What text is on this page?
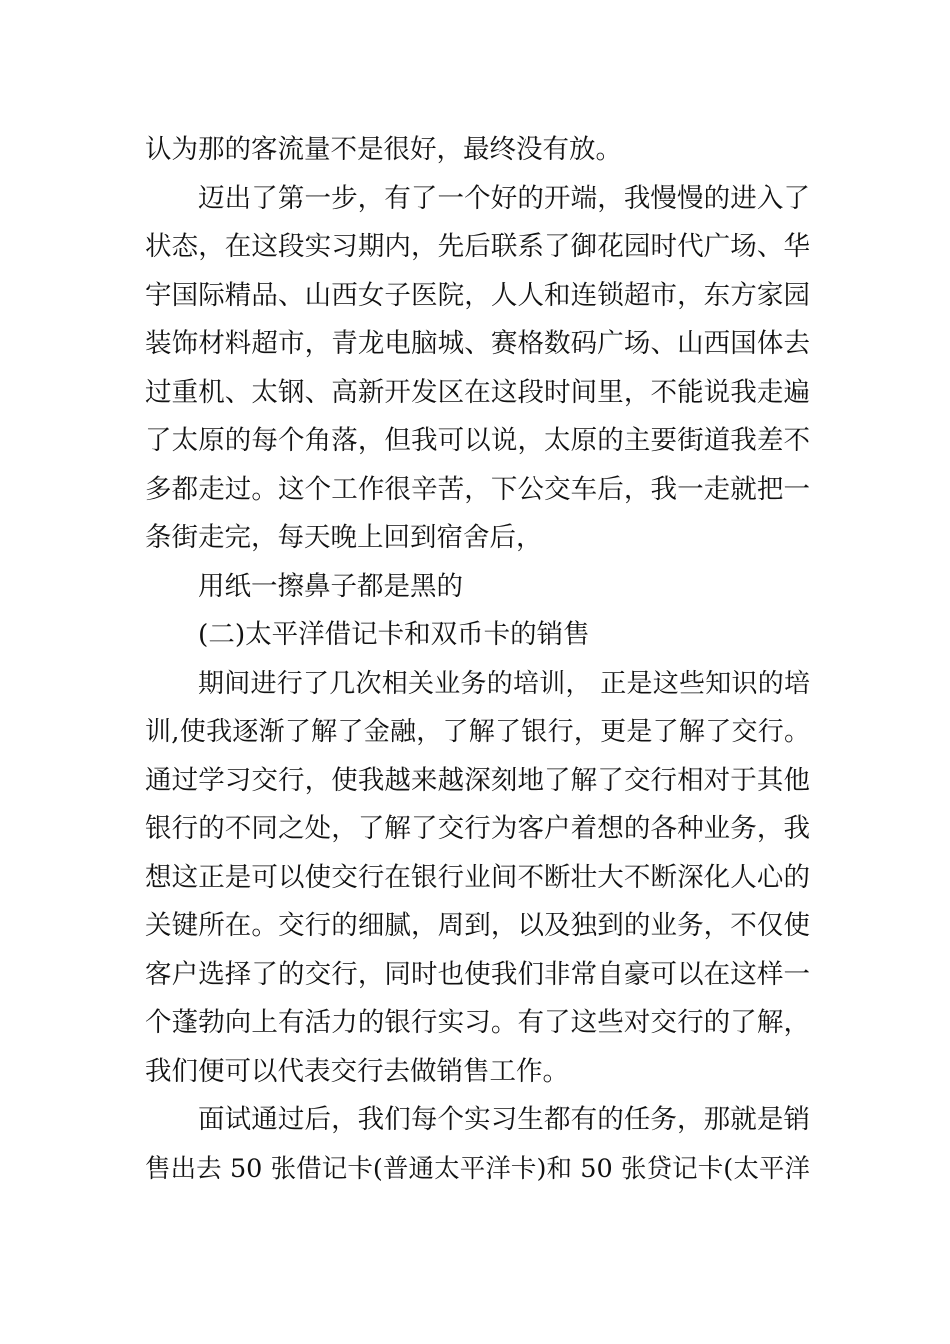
认为那的客流量不是很好，最终没有放。
迈出了第一步，有了一个好的开端，我慢慢的进入了
状态，在这段实习期内，先后联系了御花园时代广场、华
宇国际精品、山西女子医院，人人和连锁超市，东方家园
装饰材料超市，青龙电脑城、赛格数码广场、山西国体去
过重机、太钢、高新开发区在这段时间里，不能说我走遍
了太原的每个角落，但我可以说，太原的主要街道我差不
多都走过。这个工作很辛苦，下公交车后，我一走就把一
条街走完，每天晚上回到宿舍后，
用纸一擦鼻子都是黑的
(二)太平洋借记卡和双币卡的销售
期间进行了几次相关业务的培训， 正是这些知识的培
训,使我逐渐了解了金融，了解了银行，更是了解了交行。
通过学习交行，使我越来越深刻地了解了交行相对于其他
银行的不同之处，了解了交行为客户着想的各种业务，我
想这正是可以使交行在银行业间不断壮大不断深化人心的
关键所在。交行的细腻，周到，以及独到的业务，不仅使
客户选择了的交行，同时也使我们非常自豪可以在这样一
个蓬勃向上有活力的银行实习。有了这些对交行的了解，
我们便可以代表交行去做销售工作。
面试通过后，我们每个实习生都有的任务，那就是销
售出去 50 张借记卡(普通太平洋卡)和 50 张贷记卡(太平洋
